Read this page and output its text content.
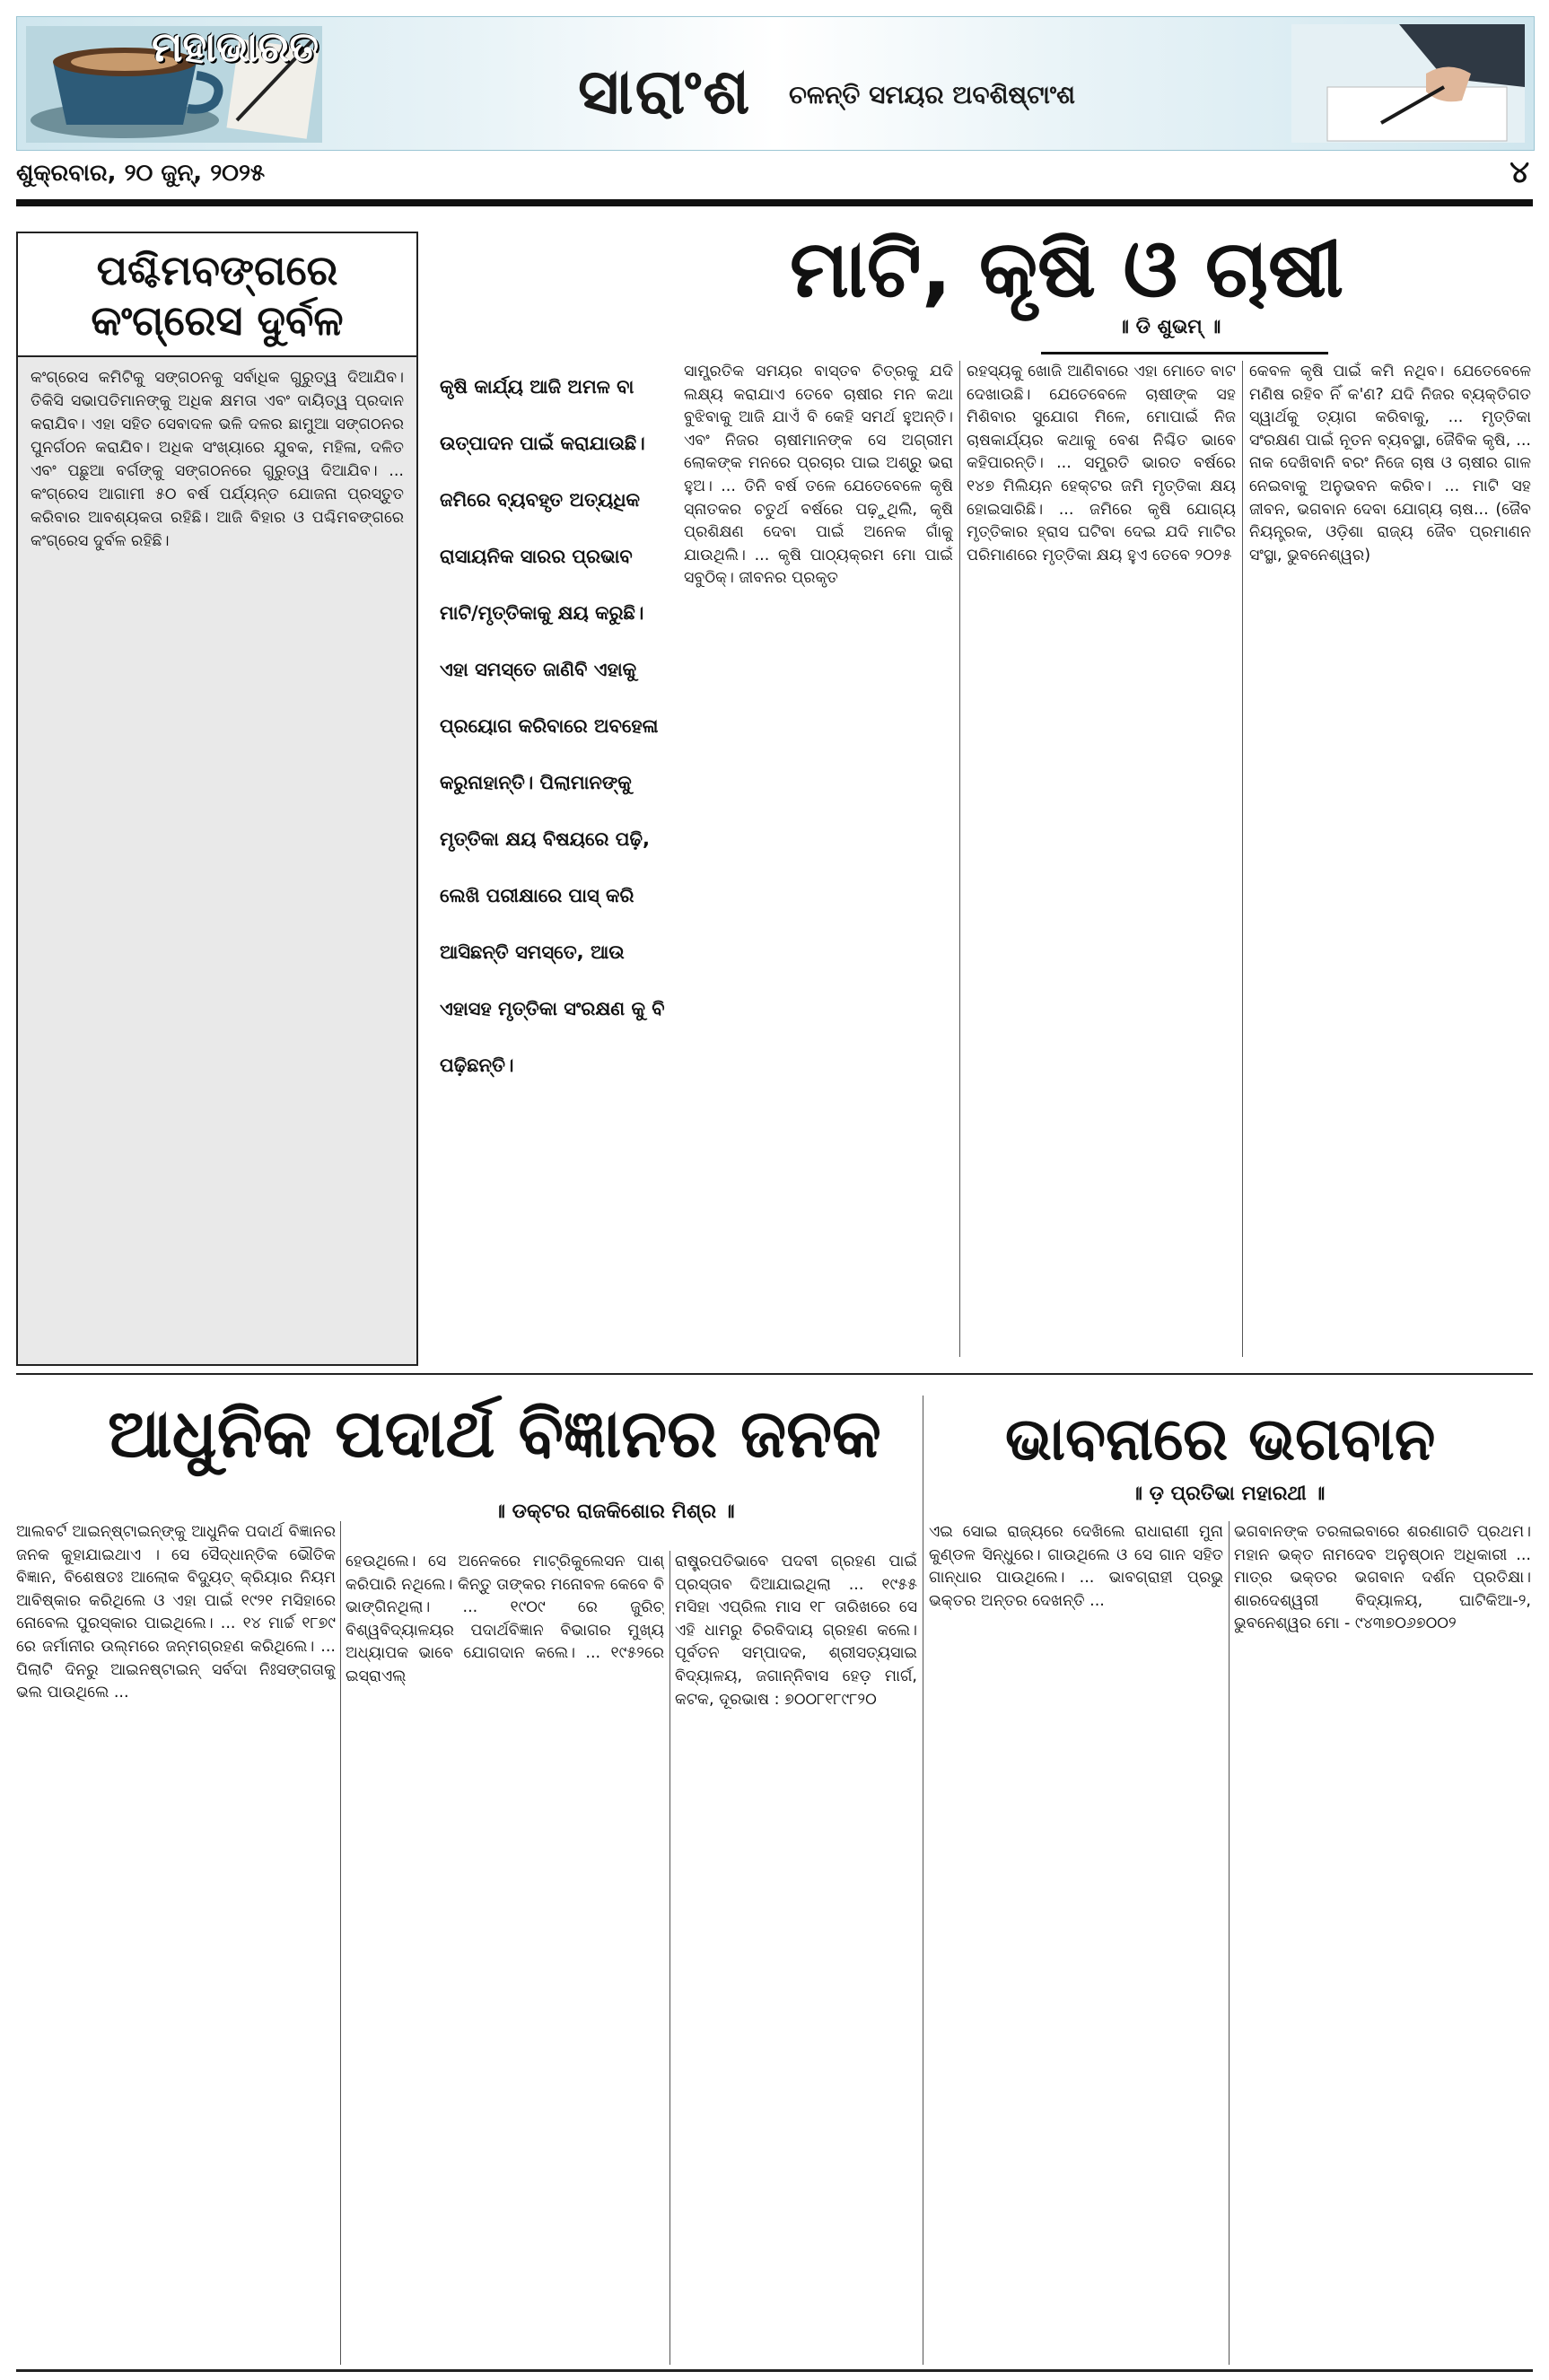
ମହାଭାରତ
ସାରାଂଶ ଚଳନ୍ତି ସମୟର ଅବଶିଷ୍ଟାଂଶ
ଶୁକ୍ରବାର, ୨୦ ଜୁନ୍, ୨୦୨୫	୪
ପଶ୍ଚିମବଙ୍ଗରେ କଂଗ୍ରେସ ଦୁର୍ବଳ
କଂଗ୍ରେସ କମିଟିକୁ ସଙ୍ଗଠନକୁ ସର୍ବାଧିକ ଗୁରୁତ୍ୱ ଦିଆଯିବ। ତିକିସି ସଭାପତିମାନଙ୍କୁ ଅଧିକ କ୍ଷମତା ଏବଂ ଦାୟିତ୍ୱ ପ୍ରଦାନ କରାଯିବ। ଏହା ସହିତ ସେବାଦଳ ଭଳି ଦଳର ଛାମୁଆ ସଙ୍ଗଠନର ପୁନର୍ଗଠନ କରାଯିବ। ଅଧିକ ସଂଖ୍ୟାରେ ଯୁବକ, ମହିଳା, ଦଳିତ ଏବଂ ପଛୁଆ ବର୍ଗଙ୍କୁ ସଙ୍ଗଠନରେ ଗୁରୁତ୍ୱ ଦିଆଯିବ। ... କଂଗ୍ରେସ ଆଗାମୀ ୫୦ ବର୍ଷ ପର୍ଯ୍ୟନ୍ତ ଯୋଜନା ପ୍ରସ୍ତୁତ କରିବାର ଆବଶ୍ୟକତା ରହିଛି। ଆଜି ବିହାର ଓ ପଶ୍ଚିମବଙ୍ଗରେ କଂଗ୍ରେସ ଦୁର୍ବଳ ରହିଛି।
ମାଟି, କୃଷି ଓ ଚାଷୀ
॥ ଡି ଶୁଭମ୍ ॥
କୃଷି କାର୍ଯ୍ୟ ଆଜି ଅମଳ ବା ଉତ୍ପାଦନ ପାଇଁ କରାଯାଉଛି। ଜମିରେ ବ୍ୟବହୃତ ଅତ୍ୟଧିକ ରାସାୟନିକ ସାରର ପ୍ରଭାବ ମାଟି/ମୃତ୍ତିକାକୁ କ୍ଷୟ କରୁଛି। ଏହା ସମସ୍ତେ ଜାଣିବି ଏହାକୁ ପ୍ରୟୋଗ କରିବାରେ ଅବହେଳା କରୁନାହାନ୍ତି। ପିଲାମାନଙ୍କୁ ମୃତ୍ତିକା କ୍ଷୟ ବିଷୟରେ ପଢ଼ି, ଲେଖି ପରୀକ୍ଷାରେ ପାସ୍ କରି ଆସିଛନ୍ତି ସମସ୍ତେ, ଆଉ ଏହାସହ ମୃତ୍ତିକା ସଂରକ୍ଷଣ କୁ ବି ପଢ଼ିଛନ୍ତି।
ସାମ୍ପ୍ରତିକ ସମୟର ବାସ୍ତବ ଚିତ୍ରକୁ ଯଦି ଲକ୍ଷ୍ୟ କରାଯାଏ ତେବେ ଚାଷୀର ମନ କଥା ବୁଝିବାକୁ ଆଜି ଯାଏଁ ବି କେହି ସମର୍ଥ ହୁଅନ୍ତି। ଏବଂ ନିଜର ଚାଷୀମାନଙ୍କ ସେ ଅଗ୍ରୀମ ଲୋକଙ୍କ ମନରେ ପ୍ରଚାର ପାଇ ଅଶ୍ରୁ ଭରା ହୁଅ। ... ତିନି ବର୍ଷ ତଳେ ଯେତେବେଳେ କୃଷି ସ୍ନାତକର ଚତୁର୍ଥ ବର୍ଷରେ ପଢ଼ୁଥିଲି, କୃଷି ପ୍ରଶିକ୍ଷଣ ଦେବା ପାଇଁ ଅନେକ ଗାଁକୁ ଯାଉଥିଲି। ... କୃଷି ପାଠ୍ୟକ୍ରମ ମୋ ପାଇଁ ସବୁଠିକ୍। ଜୀବନର ପ୍ରକୃତ
ରହସ୍ୟକୁ ଖୋଜି ଆଣିବାରେ ଏହା ମୋତେ ବାଟ ଦେଖାଉଛି। ଯେତେବେଳେ ଚାଷୀଙ୍କ ସହ ମିଶିବାର ସୁଯୋଗ ମିଳେ, ମୋପାଇଁ ନିଜ ଚାଷକାର୍ଯ୍ୟର କଥାକୁ ବେଶ ନିଶ୍ଚିତ ଭାବେ କହିପାରନ୍ତି। ... ସମ୍ପ୍ରତି ଭାରତ ବର୍ଷରେ ୧୪୭ ମିଲିୟନ ହେକ୍ଟର ଜମି ମୃତ୍ତିକା କ୍ଷୟ ହୋଇସାରିଛି। ... ଜମିରେ କୃଷି ଯୋଗ୍ୟ ମୃତ୍ତିକାର ହ୍ରାସ ଘଟିବା ଦେଇ ଯଦି ମାଟିର ପରିମାଣରେ ମୃତ୍ତିକା କ୍ଷୟ ହୁଏ ତେବେ ୨୦୨୫
କେବଳ କୃଷି ପାଇଁ କମି ନଥିବ। ଯେତେବେଳେ ମଣିଷ ରହିବ ନିଁ କ'ଣ? ଯଦି ନିଜର ବ୍ୟକ୍ତିଗତ ସ୍ୱାର୍ଥକୁ ତ୍ୟାଗ କରିବାକୁ, ... ମୃତ୍ତିକା ସଂରକ୍ଷଣ ପାଇଁ ନୂତନ ବ୍ୟବସ୍ଥା, ଜୈବିକ କୃଷି, ... ନାକ ଦେଖିବାନି ବରଂ ନିଜେ ଚାଷ ଓ ଚାଷୀର ଗାଳ ନେଇବାକୁ ଅନୁଭବନ କରିବ। ... ମାଟି ସହ ଜୀବନ, ଭଗବାନ ଦେବା ଯୋଗ୍ୟ ଚାଷ... (ଜୈବ ନିୟନ୍ତ୍ରକ, ଓଡ଼ିଶା ରାଜ୍ୟ ଜୈବ ପ୍ରମାଣନ ସଂସ୍ଥା, ଭୁବନେଶ୍ୱର)
ଆଧୁନିକ ପଦାର୍ଥ ବିଜ୍ଞାନର ଜନକ
॥ ଡକ୍ଟର ରାଜକିଶୋର ମିଶ୍ର ॥
ଆଲବର୍ଟ ଆଇନ୍ଷ୍ଟାଇନ୍ଙ୍କୁ ଆଧୁନିକ ପଦାର୍ଥ ବିଜ୍ଞାନର ଜନକ କୁହାଯାଇଥାଏ । ସେ ସୈଦ୍ଧାନ୍ତିକ ଭୌତିକ ବିଜ୍ଞାନ, ବିଶେଷତଃ ଆଲୋକ ବିଦ୍ୟୁତ୍ କ୍ରିୟାର ନିୟମ ଆବିଷ୍କାର କରିଥିଲେ ଓ ଏହା ପାଇଁ ୧୯୨୧ ମସିହାରେ ନୋବେଲ ପୁରସ୍କାର ପାଇଥିଲେ। ... ୧୪ ମାର୍ଚ୍ଚ ୧୮୭୯ ରେ ଜର୍ମାନୀର ଉଲ୍ମରେ ଜନ୍ମଗ୍ରହଣ କରିଥିଲେ। ... ପିଲାଟି ଦିନରୁ ଆଇନଷ୍ଟାଇନ୍ ସର୍ବଦା ନିଃସଙ୍ଗତାକୁ ଭଲ ପାଉଥିଲେ ...
ହେଉଥିଲେ। ସେ ଅନେକରେ ମାଟ୍ରିକୁଲେସନ ପାଶ୍ କରିପାରି ନଥିଲେ। କିନ୍ତୁ ତାଙ୍କର ମନୋବଳ କେବେ ବି ଭାଙ୍ଗିନଥିଲା। ... ୧୯୦୯ ରେ ଜୁରିଚ୍ ବିଶ୍ୱବିଦ୍ୟାଳୟର ପଦାର୍ଥବିଜ୍ଞାନ ବିଭାଗର ମୁଖ୍ୟ ଅଧ୍ୟାପକ ଭାବେ ଯୋଗଦାନ କଲେ। ... ୧୯୫୨ରେ ଇସ୍ରାଏଲ୍
ରାଷ୍ଟ୍ରପତିଭାବେ ପଦବୀ ଗ୍ରହଣ ପାଇଁ ପ୍ରସ୍ତାବ ଦିଆଯାଇଥିଲା ... ୧୯୫୫ ମସିହା ଏପ୍ରିଲ ମାସ ୧୮ ତାରିଖରେ ସେ ଏହି ଧାମରୁ ଚିରବିଦାୟ ଗ୍ରହଣ କଲେ। ପୂର୍ବତନ ସମ୍ପାଦକ, ଶ୍ରୀସତ୍ୟସାଇ ବିଦ୍ୟାଳୟ, ଜଗାନ୍ନିବାସ ହେଡ଼ ମାର୍ଗ, କଟକ, ଦୂରଭାଷ : ୭୦୦୮୧୮୯୮୨୦
ଭାବନାରେ ଭଗବାନ
॥ ଡ଼ ପ୍ରତିଭା ମହାରଥୀ ॥
ଏଇ ସୋଇ ରାଜ୍ୟରେ ଦେଖିଲେ ରାଧାରାଣୀ ମୁନା କୁଣ୍ଡଳ ସିନ୍ଧୁରେ। ଗାଉଥିଲେ ଓ ସେ ଗାନ ସହିତ ଗାନ୍ଧାର ପାଉଥିଲେ। ... ଭାବଗ୍ରାହୀ ପ୍ରଭୁ ଭକ୍ତର ଅନ୍ତର ଦେଖନ୍ତି ...
ଭଗବାନଙ୍କ ତରଳାଇବାରେ ଶରଣାଗତି ପ୍ରଥମ। ମହାନ ଭକ୍ତ ନାମଦେବ ଅନୁଷ୍ଠାନ ଅଧିକାରୀ ... ମାତ୍ର ଭକ୍ତର ଭଗବାନ ଦର୍ଶନ ପ୍ରତିକ୍ଷା। ଶାରଦେଶ୍ୱରୀ ବିଦ୍ୟାଳୟ, ଘାଟିକିଆ-୨, ଭୁବନେଶ୍ୱର ମୋ - ୯୪୩୭୦୬୭୦୦୨
